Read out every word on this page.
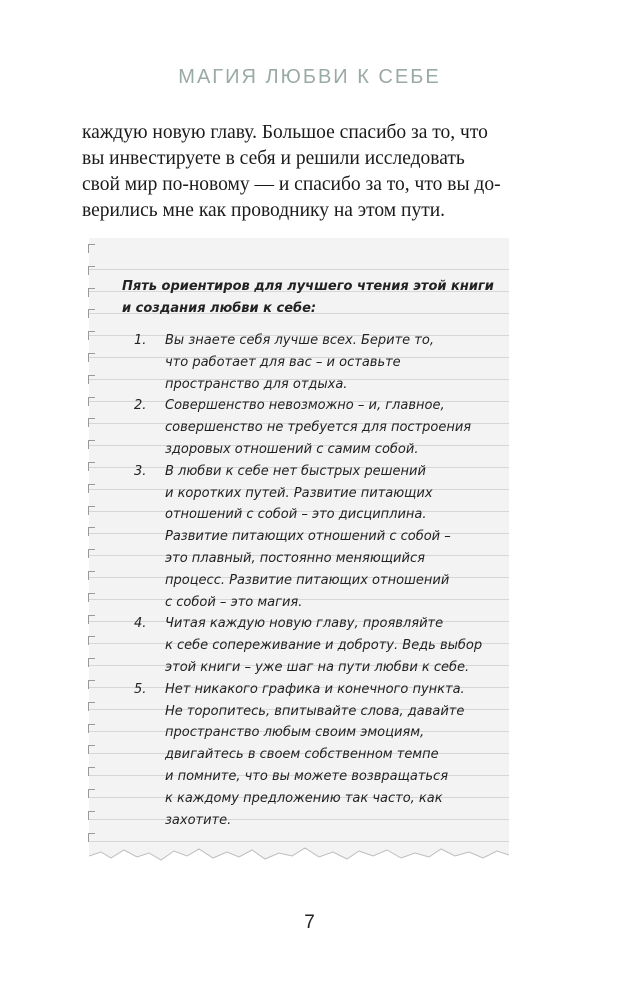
МАГИЯ ЛЮБВИ К СЕБЕ
каждую новую главу. Большое спасибо за то, что
вы инвестируете в себя и решили исследовать
свой мир по-новому — и спасибо за то, что вы до-
верились мне как проводнику на этом пути.
Пять ориентиров для лучшего чтения этой книги
и создания любви к себе:
1. Вы знаете себя лучше всех. Берите то,
что работает для вас – и оставьте
пространство для отдыха.
2. Совершенство невозможно – и, главное,
совершенство не требуется для построения
здоровых отношений с самим собой.
3. В любви к себе нет быстрых решений
и коротких путей. Развитие питающих
отношений с собой – это дисциплина.
Развитие питающих отношений с собой –
это плавный, постоянно меняющийся
процесс. Развитие питающих отношений
с собой – это магия.
4. Читая каждую новую главу, проявляйте
к себе сопереживание и доброту. Ведь выбор
этой книги – уже шаг на пути любви к себе.
5. Нет никакого графика и конечного пункта.
Не торопитесь, впитывайте слова, давайте
пространство любым своим эмоциям,
двигайтесь в своем собственном темпе
и помните, что вы можете возвращаться
к каждому предложению так часто, как
захотите.
7
